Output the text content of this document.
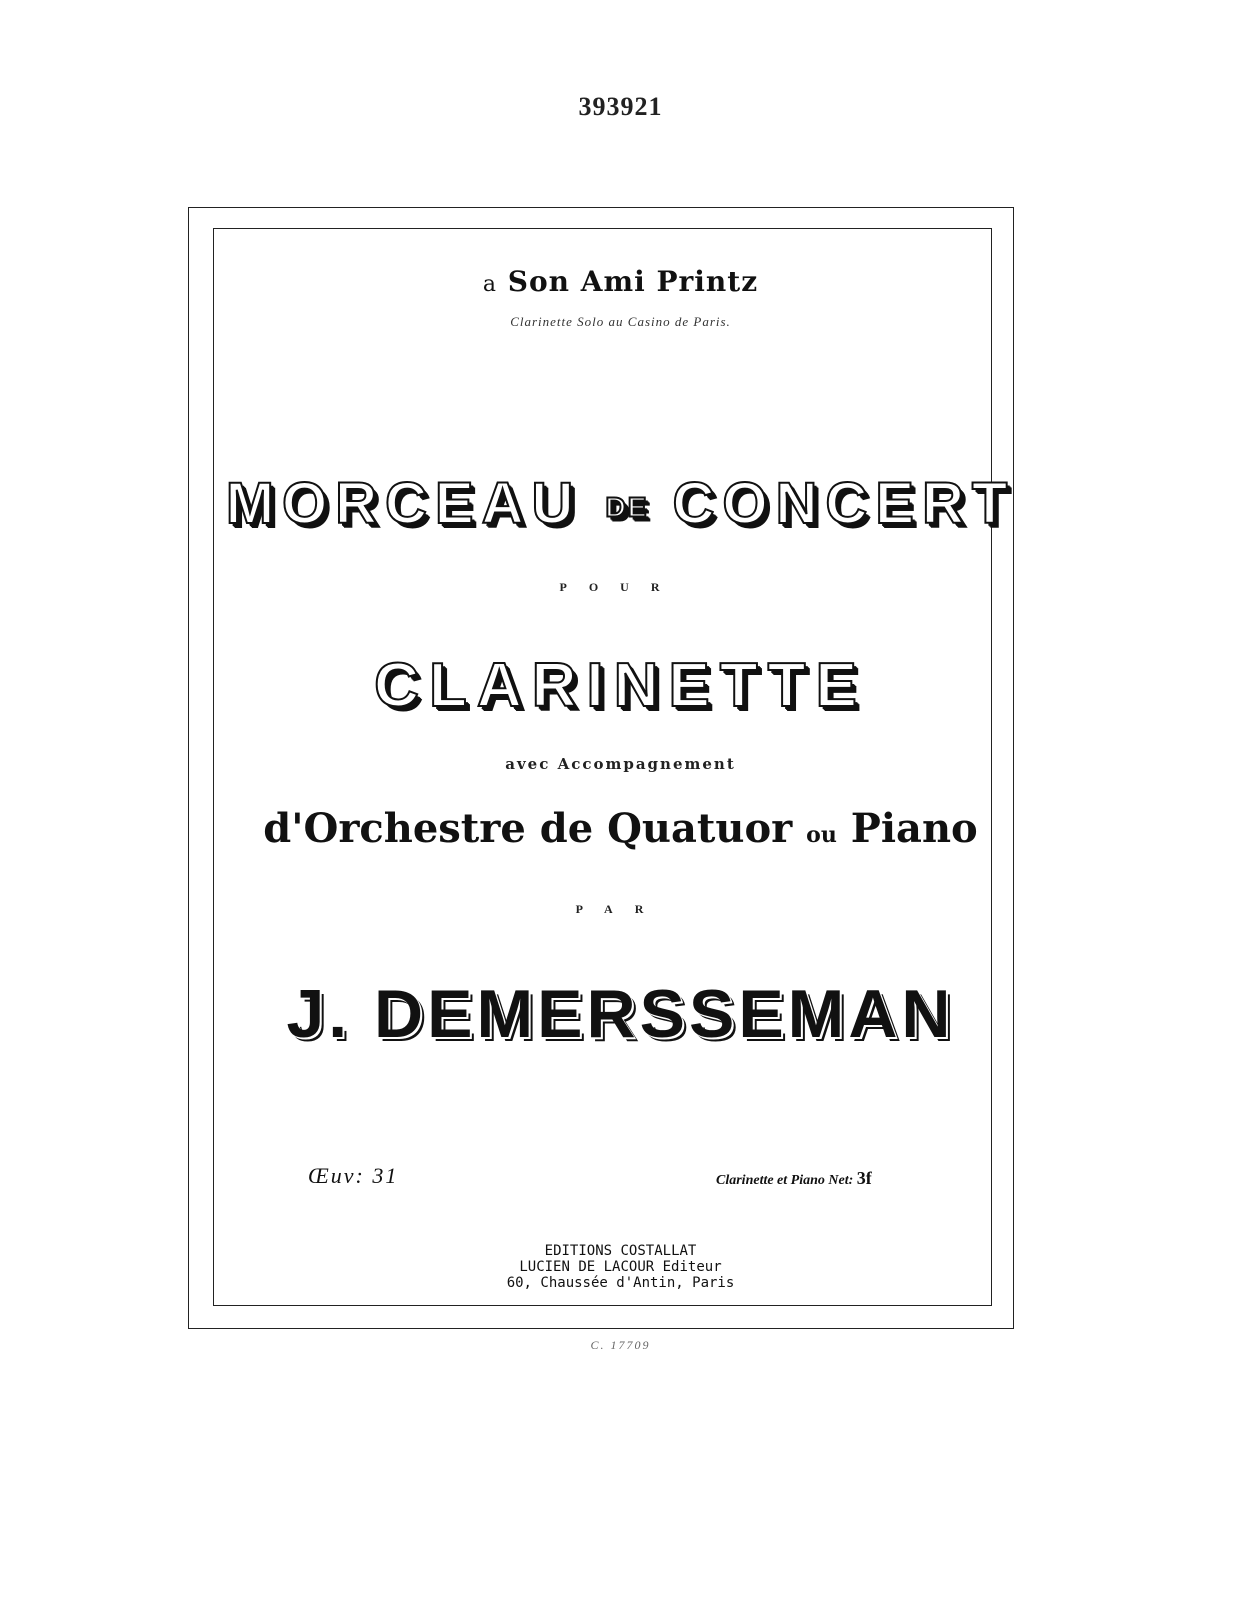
393921
a Son Ami Printz
Clarinette Solo au Casino de Paris.
MORCEAU DE CONCERT
POUR
CLARINETTE
avec Accompagnement
d'Orchestre de Quatuor ou Piano
PAR
J. DEMERSSEMAN
Œuv: 31	Clarinette et Piano Net: 3f
EDITIONS COSTALLAT
LUCIEN DE LACOUR Editeur
60, Chaussée d'Antin, Paris
C. 17709
